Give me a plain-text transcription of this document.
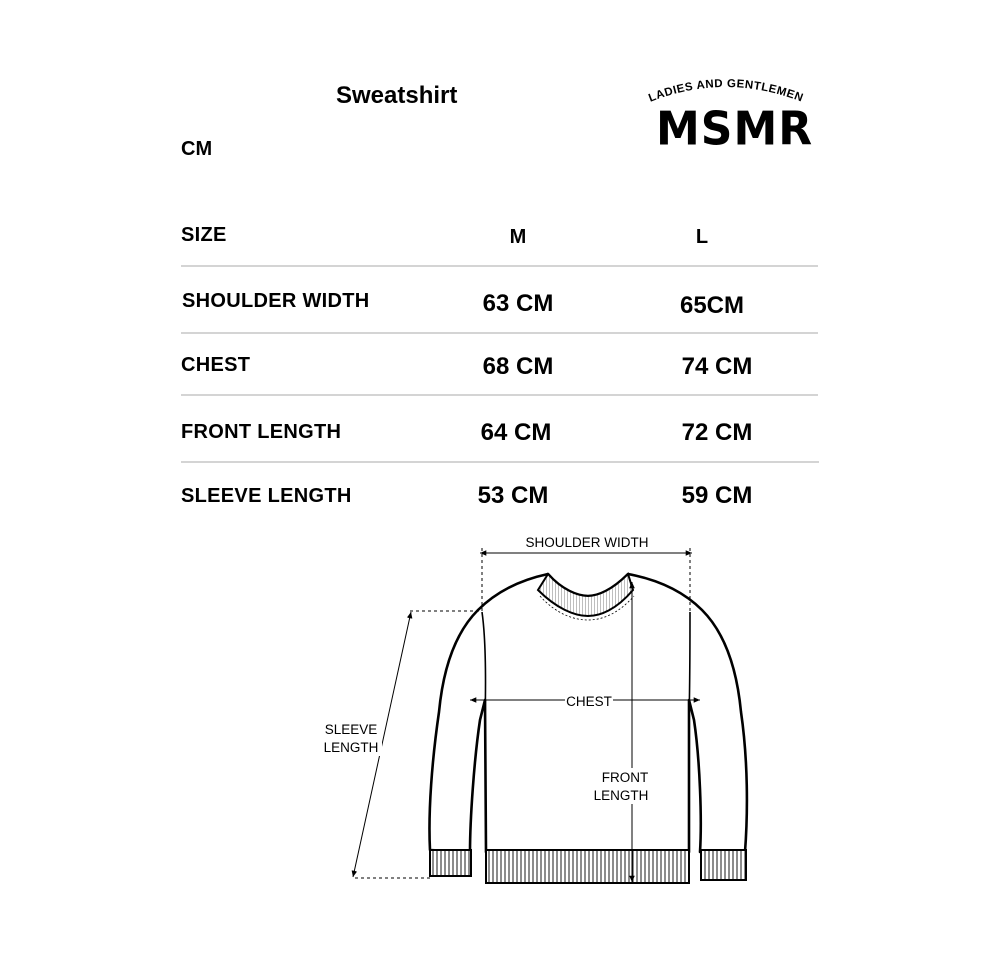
Sweatshirt
CM
LADIES AND GENTLEMEN
MSMR
SIZE	M	L
SHOULDER WIDTH	63 CM	65CM
CHEST	68 CM	74 CM
FRONT LENGTH	64 CM	72 CM
SLEEVE LENGTH	53 CM	59 CM
SHOULDER WIDTH
CHEST
FRONT
LENGTH
SLEEVE
LENGTH
